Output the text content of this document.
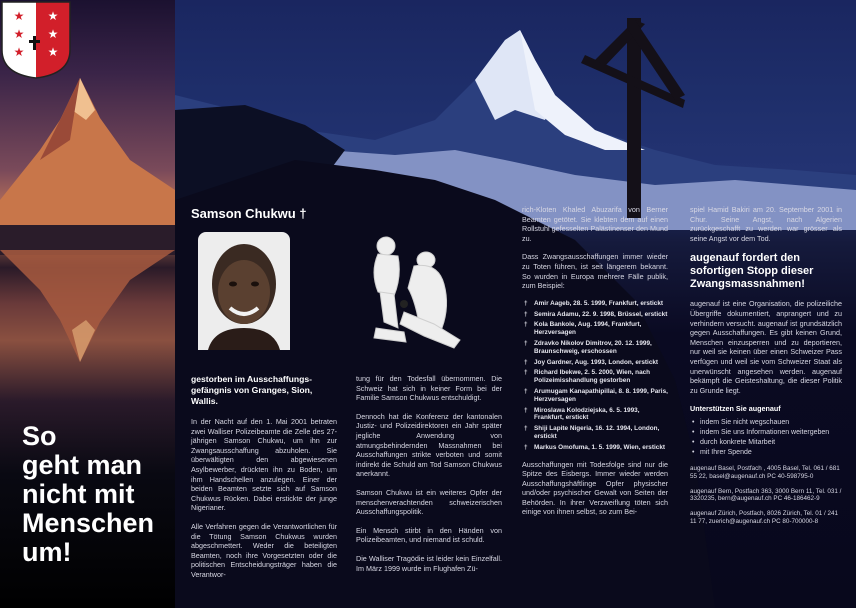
★
★
★
★
★
★
So
geht man
nicht mit
Menschen
um!
Samson Chukwu †
gestorben im Ausschaffungsgefängnis von Granges, Sion, Wallis.

In der Nacht auf den 1. Mai 2001 betraten zwei Walliser Polizeibeamte die Zelle des 27-jährigen Samson Chukwu, um ihn zur Zwangsausschaffung abzuholen. Sie überwältigten den abgewiesenen Asylbewerber, drückten ihn zu Boden, um ihm Handschellen anzulegen. Einer der beiden Beamten setzte sich auf Samson Chukwus Rücken. Dabei erstickte der junge Nigerianer.

Alle Verfahren gegen die Verantwortlichen für die Tötung Samson Chukwus wurden abgeschmettert. Weder die beteiligten Beamten, noch ihre Vorgesetzten oder die politischen Entscheidungsträger haben die Verantwor-

tung für den Todesfall übernommen. Die Schweiz hat sich in keiner Form bei der Familie Samson Chukwus entschuldigt.

Dennoch hat die Konferenz der kantonalen Justiz- und Polizeidirektoren ein Jahr später jegliche Anwendung von atmungsbehindernden Massnahmen bei Ausschaffungen strikte verboten und somit indirekt die Schuld am Tod Samson Chukwus anerkannt.

Samson Chukwu ist ein weiteres Opfer der menschenverachtenden schweizerischen Ausschaffungspolitik.

Ein Mensch stirbt in den Händen von Polizeibeamten, und niemand ist schuld.

Die Walliser Tragödie ist leider kein Einzelfall. Im März 1999 wurde im Flughafen Zü-

rich-Kloten Khaled Abuzarifa von Berner Beamten getötet. Sie klebten dem auf einen Rollstuhl gefesselten Palästinenser den Mund zu.

Dass Zwangsausschaffungen immer wieder zu Toten führen, ist seit längerem bekannt. So wurden in Europa mehrere Fälle publik, zum Beispiel:

† Amir Aageb, 28. 5. 1999, Frankfurt, erstickt
† Semira Adamu, 22. 9. 1998, Brüssel, erstickt
† Kola Bankole, Aug. 1994, Frankfurt, Herzversagen
† Zdravko Nikolov Dimitrov, 20. 12. 1999, Braunschweig, erschossen
† Joy Gardner, Aug. 1993, London, erstickt
† Richard Ibekwe, 2. 5. 2000, Wien, nach Polizeimisshandlung gestorben
† Arumugam Kanapathipillai, 8. 8. 1999, Paris, Herzversagen
† Miroslawa Kolodziejska, 6. 5. 1993, Frankfurt, erstickt
† Shiji Lapite Nigeria, 16. 12. 1994, London, erstickt
† Markus Omofuma, 1. 5. 1999, Wien, erstickt

Ausschaffungen mit Todesfolge sind nur die Spitze des Eisbergs. Immer wieder werden Ausschaffungshäftlinge Opfer physischer und/oder psychischer Gewalt von Seiten der Behörden. In ihrer Verzweiflung töten sich einige von ihnen selbst, so zum Bei-

spiel Hamid Bakiri am 20. September 2001 in Chur. Seine Angst, nach Algerien zurückgeschafft zu werden war grösser als seine Angst vor dem Tod.

augenauf fordert den sofortigen Stopp dieser Zwangsmassnahmen!

augenauf ist eine Organisation, die polizeiliche Übergriffe dokumentiert, anprangert und zu verhindern versucht. augenauf ist grundsätzlich gegen Ausschaffungen. Es gibt keinen Grund, Menschen einzusperren und zu deportieren, nur weil sie keinen über einen Schweizer Pass verfügen und weil sie vom Schweizer Staat als unerwünscht angesehen werden. augenauf bekämpft die Geisteshaltung, die dieser Politik zu Grunde liegt.

Unterstützen Sie augenauf

• indem Sie nicht wegschauen
• indem Sie uns Informationen weitergeben
• durch konkrete Mitarbeit
• mit Ihrer Spende
augenauf Basel, Postfach , 4005 Basel, Tel. 061 / 681 55 22, basel@augenauf.ch PC 40-598795-0
augenauf Bern, Postfach 363, 3000 Bern 11, Tel. 031 / 3320235, bern@augenauf.ch PC 46-186462-9
augenauf Zürich, Postfach, 8026 Zürich, Tel. 01 / 241 11 77, zuerich@augenauf.ch PC 80-700000-8
